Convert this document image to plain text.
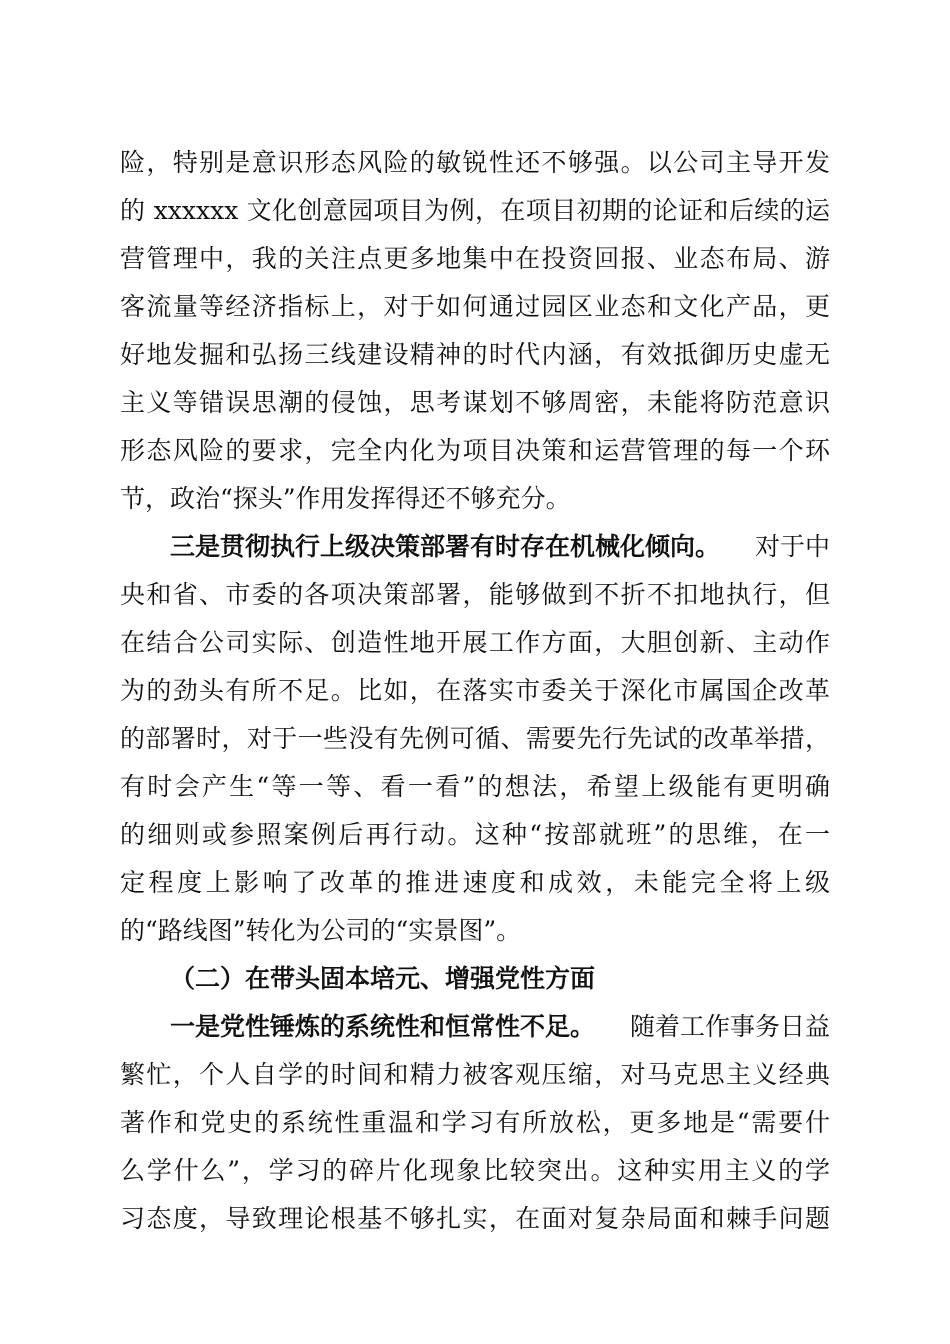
险，特别是意识形态风险的敏锐性还不够强。以公司主导开发
的 xxxxxx 文化创意园项目为例，在项目初期的论证和后续的运
营管理中，我的关注点更多地集中在投资回报、业态布局、游
客流量等经济指标上，对于如何通过园区业态和文化产品，更
好地发掘和弘扬三线建设精神的时代内涵，有效抵御历史虚无
主义等错误思潮的侵蚀，思考谋划不够周密，未能将防范意识
形态风险的要求，完全内化为项目决策和运营管理的每一个环
节，政治“探头”作用发挥得还不够充分。
三是贯彻执行上级决策部署有时存在机械化倾向。 对于中
央和省、市委的各项决策部署，能够做到不折不扣地执行，但
在结合公司实际、创造性地开展工作方面，大胆创新、主动作
为的劲头有所不足。比如，在落实市委关于深化市属国企改革
的部署时，对于一些没有先例可循、需要先行先试的改革举措，
有时会产生“等一等、看一看”的想法，希望上级能有更明确
的细则或参照案例后再行动。这种“按部就班”的思维，在一
定程度上影响了改革的推进速度和成效，未能完全将上级
的“路线图”转化为公司的“实景图”。
（二）在带头固本培元、增强党性方面
一是党性锤炼的系统性和恒常性不足。 随着工作事务日益
繁忙，个人自学的时间和精力被客观压缩，对马克思主义经典
著作和党史的系统性重温和学习有所放松，更多地是“需要什
么学什么”，学习的碎片化现象比较突出。这种实用主义的学
习态度，导致理论根基不够扎实，在面对复杂局面和棘手问题
